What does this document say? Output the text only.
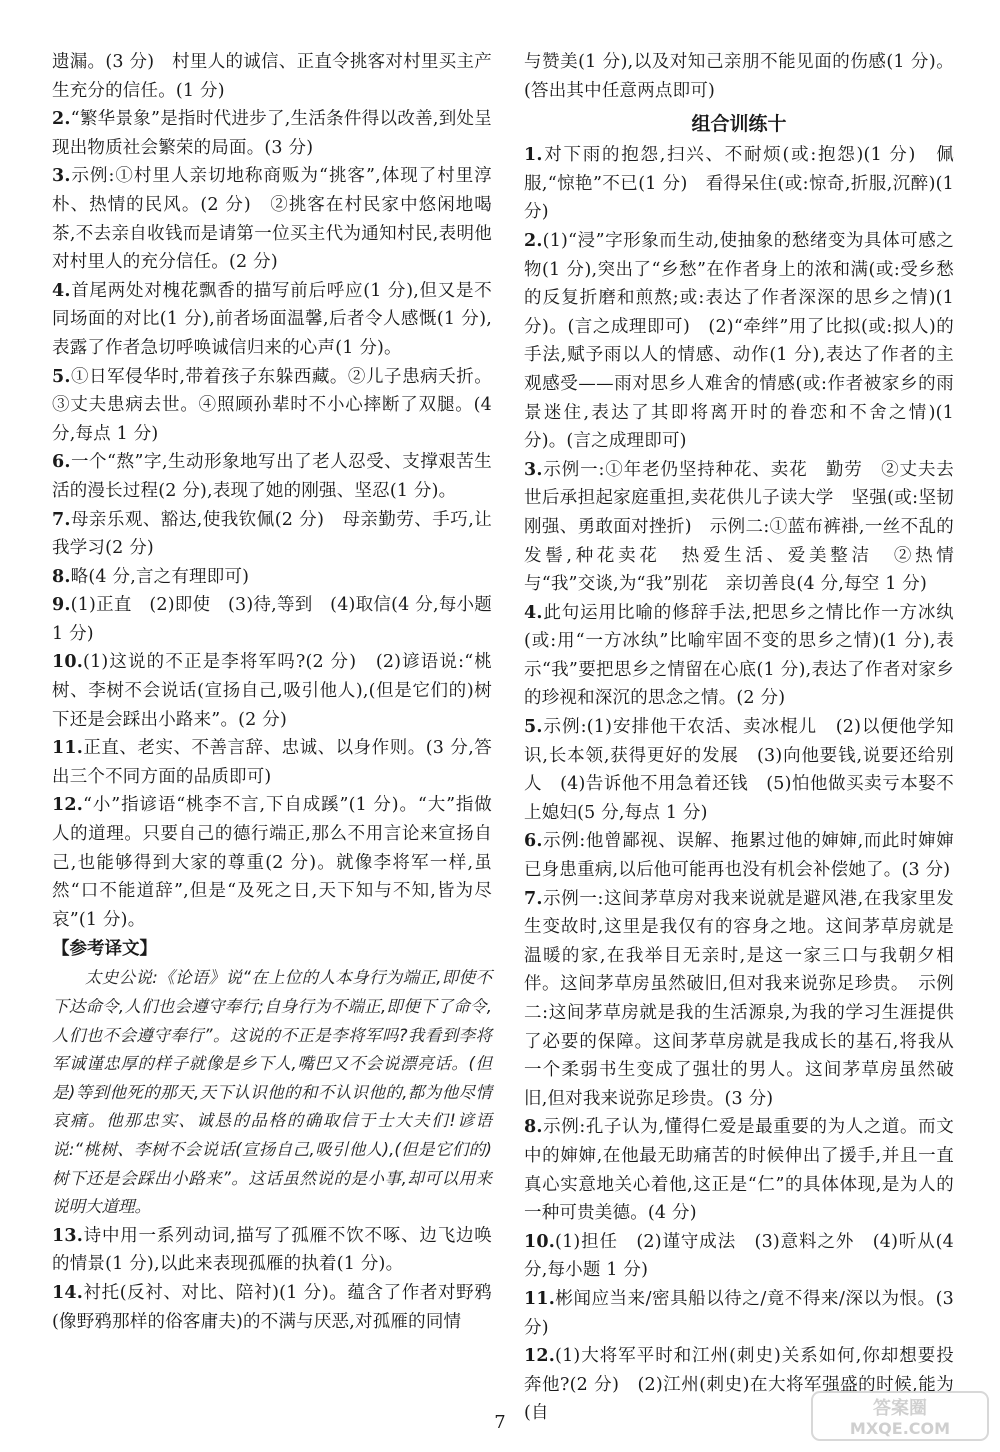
遗漏。(3 分)　村里人的诚信、正直令挑客对村里买主产生充分的信任。(1 分)

2.“繁华景象”是指时代进步了,生活条件得以改善,到处呈现出物质社会繁荣的局面。(3 分)

3.示例:①村里人亲切地称商贩为“挑客”,体现了村里淳朴、热情的民风。(2 分)　②挑客在村民家中悠闲地喝茶,不去亲自收钱而是请第一位买主代为通知村民,表明他对村里人的充分信任。(2 分)

4.首尾两处对槐花飘香的描写前后呼应(1 分),但又是不同场面的对比(1 分),前者场面温馨,后者令人感慨(1 分),表露了作者急切呼唤诚信归来的心声(1 分)。

5.①日军侵华时,带着孩子东躲西藏。②儿子患病夭折。③丈夫患病去世。④照顾孙辈时不小心摔断了双腿。(4 分,每点 1 分)

6.一个“熬”字,生动形象地写出了老人忍受、支撑艰苦生活的漫长过程(2 分),表现了她的刚强、坚忍(1 分)。

7.母亲乐观、豁达,使我钦佩(2 分)　母亲勤劳、手巧,让我学习(2 分)

8.略(4 分,言之有理即可)

9.(1)正直　(2)即使　(3)待,等到　(4)取信(4 分,每小题 1 分)

10.(1)这说的不正是李将军吗?(2 分)　(2)谚语说:“桃树、李树不会说话(宣扬自己,吸引他人),(但是它们的)树下还是会踩出小路来”。(2 分)

11.正直、老实、不善言辞、忠诚、以身作则。(3 分,答出三个不同方面的品质即可)

12.“小”指谚语“桃李不言,下自成蹊”(1 分)。“大”指做人的道理。只要自己的德行端正,那么不用言论来宣扬自己,也能够得到大家的尊重(2 分)。就像李将军一样,虽然“口不能道辞”,但是“及死之日,天下知与不知,皆为尽哀”(1 分)。

【参考译文】

太史公说:《论语》说“在上位的人本身行为端正,即使不下达命令,人们也会遵守奉行;自身行为不端正,即便下了命令,人们也不会遵守奉行”。这说的不正是李将军吗?我看到李将军诚谨忠厚的样子就像是乡下人,嘴巴又不会说漂亮话。(但是)等到他死的那天,天下认识他的和不认识他的,都为他尽情哀痛。他那忠实、诚恳的品格的确取信于士大夫们!谚语说:“桃树、李树不会说话(宣扬自己,吸引他人),(但是它们的)树下还是会踩出小路来”。这话虽然说的是小事,却可以用来说明大道理。

13.诗中用一系列动词,描写了孤雁不饮不啄、边飞边唤的情景(1 分),以此来表现孤雁的执着(1 分)。

14.衬托(反衬、对比、陪衬)(1 分)。蕴含了作者对野鸦(像野鸦那样的俗客庸夫)的不满与厌恶,对孤雁的同情

与赞美(1 分),以及对知己亲朋不能见面的伤感(1 分)。(答出其中任意两点即可)

组合训练十

1.对下雨的抱怨,扫兴、不耐烦(或:抱怨)(1 分)　佩服,“惊艳”不已(1 分)　看得呆住(或:惊奇,折服,沉醉)(1 分)

2.(1)“浸”字形象而生动,使抽象的愁绪变为具体可感之物(1 分),突出了“乡愁”在作者身上的浓和满(或:受乡愁的反复折磨和煎熬;或:表达了作者深深的思乡之情)(1 分)。(言之成理即可)　(2)“牵绊”用了比拟(或:拟人)的手法,赋予雨以人的情感、动作(1 分),表达了作者的主观感受——雨对思乡人难舍的情感(或:作者被家乡的雨景迷住,表达了其即将离开时的眷恋和不舍之情)(1 分)。(言之成理即可)

3.示例一:①年老仍坚持种花、卖花　勤劳　②丈夫去世后承担起家庭重担,卖花供儿子读大学　坚强(或:坚韧刚强、勇敢面对挫折)　示例二:①蓝布裤褂,一丝不乱的发髻,种花卖花　热爱生活、爱美整洁　②热情与“我”交谈,为“我”别花　亲切善良(4 分,每空 1 分)

4.此句运用比喻的修辞手法,把思乡之情比作一方冰纨(或:用“一方冰纨”比喻牢固不变的思乡之情)(1 分),表示“我”要把思乡之情留在心底(1 分),表达了作者对家乡的珍视和深沉的思念之情。(2 分)

5.示例:(1)安排他干农活、卖冰棍儿　(2)以便他学知识,长本领,获得更好的发展　(3)向他要钱,说要还给别人　(4)告诉他不用急着还钱　(5)怕他做买卖亏本娶不上媳妇(5 分,每点 1 分)

6.示例:他曾鄙视、误解、拖累过他的婶婶,而此时婶婶已身患重病,以后他可能再也没有机会补偿她了。(3 分)

7.示例一:这间茅草房对我来说就是避风港,在我家里发生变故时,这里是我仅有的容身之地。这间茅草房就是温暖的家,在我举目无亲时,是这一家三口与我朝夕相伴。这间茅草房虽然破旧,但对我来说弥足珍贵。　示例二:这间茅草房就是我的生活源泉,为我的学习生涯提供了必要的保障。这间茅草房就是我成长的基石,将我从一个柔弱书生变成了强壮的男人。这间茅草房虽然破旧,但对我来说弥足珍贵。(3 分)

8.示例:孔子认为,懂得仁爱是最重要的为人之道。而文中的婶婶,在他最无助痛苦的时候伸出了援手,并且一直真心实意地关心着他,这正是“仁”的具体体现,是为人的一种可贵美德。(4 分)

10.(1)担任　(2)谨守成法　(3)意料之外　(4)听从(4 分,每小题 1 分)

11.彬闻应当来/密具船以待之/竟不得来/深以为恨。(3 分)

12.(1)大将军平时和江州(刺史)关系如何,你却想要投奔他?(2 分)　(2)江州(刺史)在大将军强盛的时候,能为(自

7
答案圈
MXQE.COM
